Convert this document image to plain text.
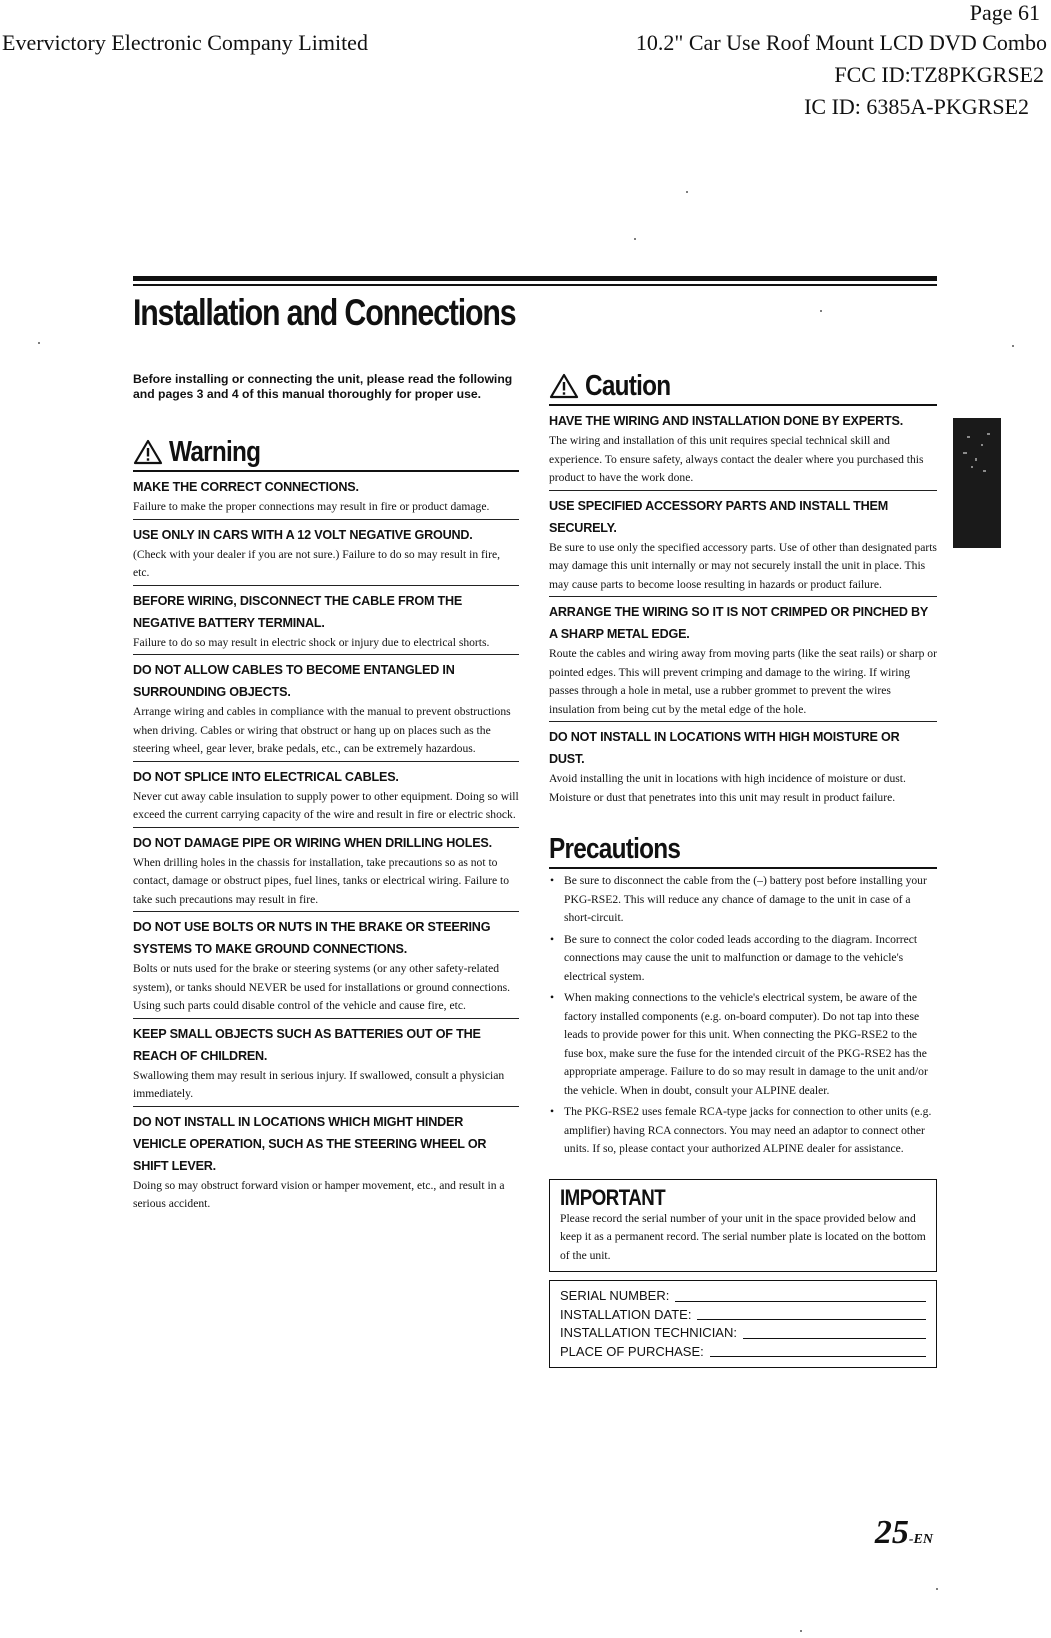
Evervictory Electronic Company Limited
Page 61
10.2" Car Use Roof Mount LCD DVD Combo
FCC ID:TZ8PKGRSE2
IC ID: 6385A-PKGRSE2
Installation and Connections

Before installing or connecting the unit, please read the following and pages 3 and 4 of this manual thoroughly for proper use.

Warning
MAKE THE CORRECT CONNECTIONS.
Failure to make the proper connections may result in fire or product damage.
USE ONLY IN CARS WITH A 12 VOLT NEGATIVE GROUND.
(Check with your dealer if you are not sure.) Failure to do so may result in fire, etc.
BEFORE WIRING, DISCONNECT THE CABLE FROM THE NEGATIVE BATTERY TERMINAL.
Failure to do so may result in electric shock or injury due to electrical shorts.
DO NOT ALLOW CABLES TO BECOME ENTANGLED IN SURROUNDING OBJECTS.
Arrange wiring and cables in compliance with the manual to prevent obstructions when driving. Cables or wiring that obstruct or hang up on places such as the steering wheel, gear lever, brake pedals, etc., can be extremely hazardous.
DO NOT SPLICE INTO ELECTRICAL CABLES.
Never cut away cable insulation to supply power to other equipment. Doing so will exceed the current carrying capacity of the wire and result in fire or electric shock.
DO NOT DAMAGE PIPE OR WIRING WHEN DRILLING HOLES.
When drilling holes in the chassis for installation, take precautions so as not to contact, damage or obstruct pipes, fuel lines, tanks or electrical wiring. Failure to take such precautions may result in fire.
DO NOT USE BOLTS OR NUTS IN THE BRAKE OR STEERING SYSTEMS TO MAKE GROUND CONNECTIONS.
Bolts or nuts used for the brake or steering systems (or any other safety-related system), or tanks should NEVER be used for installations or ground connections. Using such parts could disable control of the vehicle and cause fire, etc.
KEEP SMALL OBJECTS SUCH AS BATTERIES OUT OF THE REACH OF CHILDREN.
Swallowing them may result in serious injury. If swallowed, consult a physician immediately.
DO NOT INSTALL IN LOCATIONS WHICH MIGHT HINDER VEHICLE OPERATION, SUCH AS THE STEERING WHEEL OR SHIFT LEVER.
Doing so may obstruct forward vision or hamper movement, etc., and result in a serious accident.
Caution
HAVE THE WIRING AND INSTALLATION DONE BY EXPERTS.
The wiring and installation of this unit requires special technical skill and experience. To ensure safety, always contact the dealer where you purchased this product to have the work done.
USE SPECIFIED ACCESSORY PARTS AND INSTALL THEM SECURELY.
Be sure to use only the specified accessory parts. Use of other than designated parts may damage this unit internally or may not securely install the unit in place. This may cause parts to become loose resulting in hazards or product failure.
ARRANGE THE WIRING SO IT IS NOT CRIMPED OR PINCHED BY A SHARP METAL EDGE.
Route the cables and wiring away from moving parts (like the seat rails) or sharp or pointed edges. This will prevent crimping and damage to the wiring. If wiring passes through a hole in metal, use a rubber grommet to prevent the wires insulation from being cut by the metal edge of the hole.
DO NOT INSTALL IN LOCATIONS WITH HIGH MOISTURE OR DUST.
Avoid installing the unit in locations with high incidence of moisture or dust. Moisture or dust that penetrates into this unit may result in product failure.
Precautions
• Be sure to disconnect the cable from the (–) battery post before installing your PKG-RSE2. This will reduce any chance of damage to the unit in case of a short-circuit.
• Be sure to connect the color coded leads according to the diagram. Incorrect connections may cause the unit to malfunction or damage to the vehicle's electrical system.
• When making connections to the vehicle's electrical system, be aware of the factory installed components (e.g. on-board computer). Do not tap into these leads to provide power for this unit. When connecting the PKG-RSE2 to the fuse box, make sure the fuse for the intended circuit of the PKG-RSE2 has the appropriate amperage. Failure to do so may result in damage to the unit and/or the vehicle. When in doubt, consult your ALPINE dealer.
• The PKG-RSE2 uses female RCA-type jacks for connection to other units (e.g. amplifier) having RCA connectors. You may need an adaptor to connect other units. If so, please contact your authorized ALPINE dealer for assistance.
IMPORTANT
Please record the serial number of your unit in the space provided below and keep it as a permanent record. The serial number plate is located on the bottom of the unit.
SERIAL NUMBER:
INSTALLATION DATE:
INSTALLATION TECHNICIAN:
PLACE OF PURCHASE:
25-EN
